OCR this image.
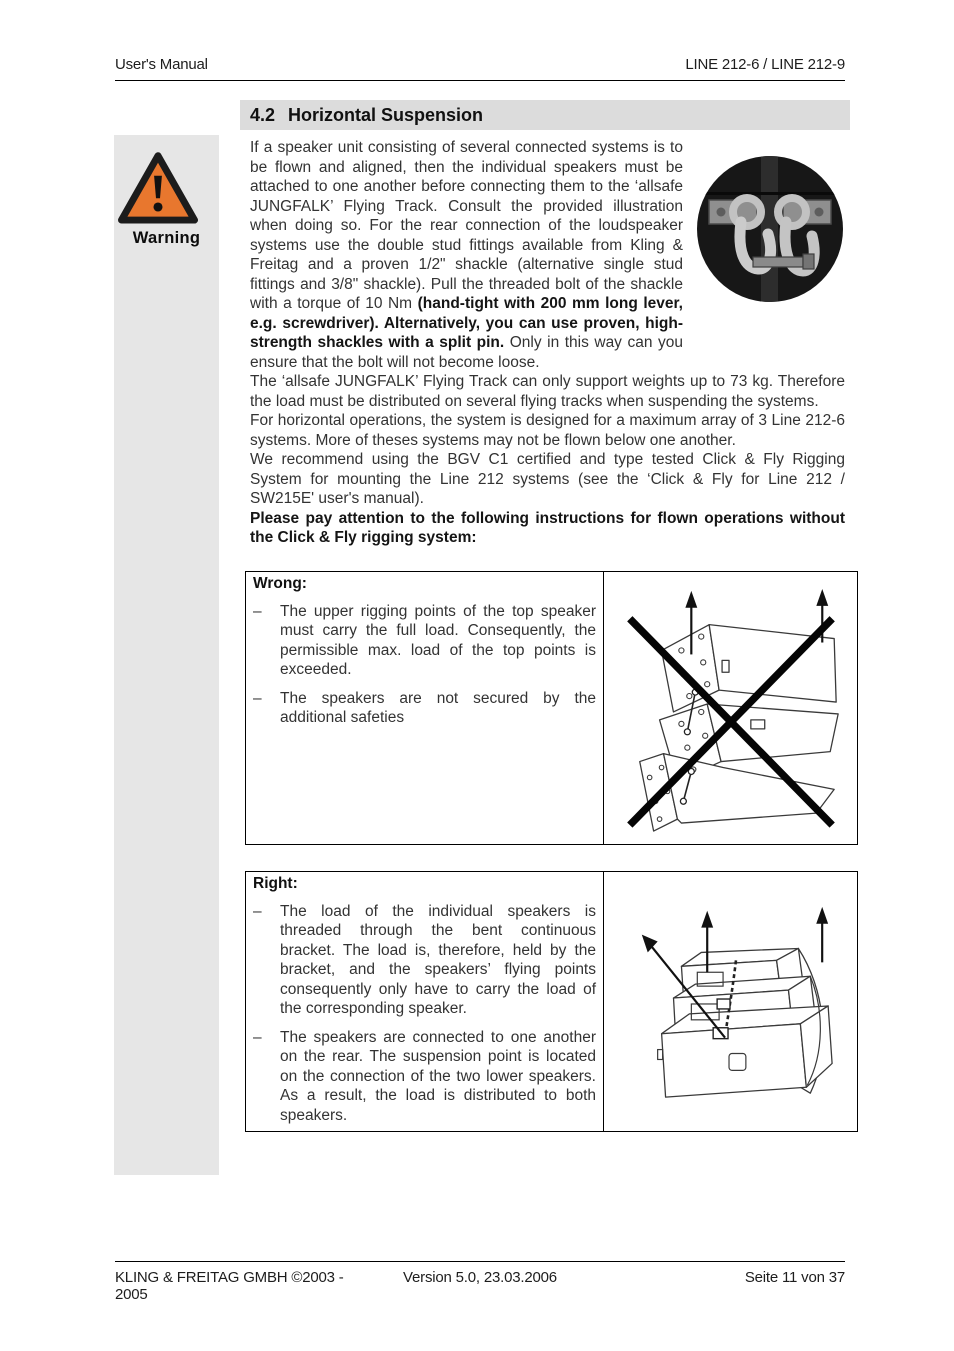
User's Manual	LINE 212-6 / LINE 212-9
Warning
4.2 Horizontal Suspension
If a speaker unit consisting of several connected systems is to be flown and aligned, then the individual speakers must be attached to one another before connecting them to the ‘allsafe JUNGFALK’ Flying Track. Consult the provided illustration when doing so. For the rear connection of the loudspeaker systems use the double stud fittings available from Kling & Freitag and a proven 1/2" shackle (alternative single stud fittings and 3/8" shackle). Pull the threaded bolt of the shackle with a torque of 10 Nm (hand-tight with 200 mm long lever, e.g. screwdriver). Alternatively, you can use proven, high-strength shackles with a split pin. Only in this way can you ensure that the bolt will not become loose.

The ‘allsafe JUNGFALK’ Flying Track can only support weights up to 73 kg. Therefore the load must be distributed on several flying tracks when suspending the systems.

For horizontal operations, the system is designed for a maximum array of 3 Line 212-6 systems. More of theses systems may not be flown below one another.

We recommend using the BGV C1 certified and type tested Click & Fly Rigging System for mounting the Line 212 systems (see the ‘Click & Fly for Line 212 / SW215E' user's manual).

Please pay attention to the following instructions for flown operations without the Click & Fly rigging system:

Wrong:
–	The upper rigging points of the top speaker must carry the full load. Consequently, the permissible max. load of the top points is exceeded.
–	The speakers are not secured by the additional safeties
Right:
–	The load of the individual speakers is threaded through the bent continuous bracket. The load is, therefore, held by the bracket, and the speakers’ flying points consequently only have to carry the load of the corresponding speaker.
–	The speakers are connected to one another on the rear. The suspension point is located on the connection of the two lower speakers. As a result, the load is distributed to both speakers.
KLING & FREITAG GMBH ©2003 - 2005
Version 5.0, 23.03.2006	Seite 11 von 37
